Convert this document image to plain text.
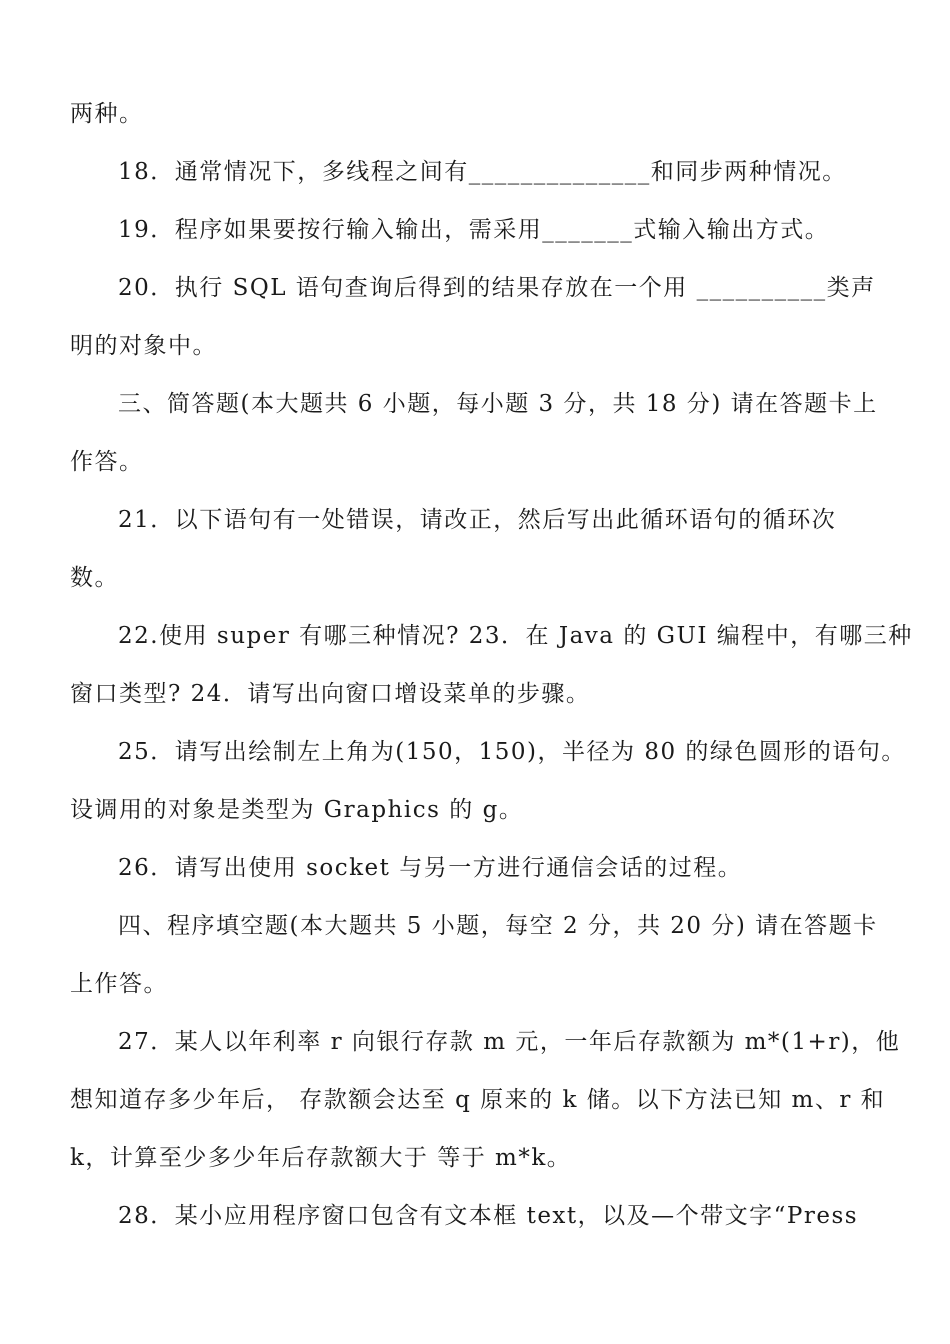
两种。
18．通常情况下，多线程之间有______________和同步两种情况。
19．程序如果要按行输入输出，需采用_______式输入输出方式。
20．执行 SQL 语句查询后得到的结果存放在一个用 __________类声
明的对象中。
三、简答题(本大题共 6 小题，每小题 3 分，共 18 分) 请在答题卡上
作答。
21．以下语句有一处错误，请改正，然后写出此循环语句的循环次
数。
22.使用 super 有哪三种情况? 23．在 Java 的 GUI 编程中，有哪三种
窗口类型? 24．请写出向窗口增设菜单的步骤。
25．请写出绘制左上角为(150，150)，半径为 80 的绿色圆形的语句。
设调用的对象是类型为 Graphics 的 g。
26．请写出使用 socket 与另一方进行通信会话的过程。
四、程序填空题(本大题共 5 小题，每空 2 分，共 20 分) 请在答题卡
上作答。
27．某人以年利率 r 向银行存款 m 元，一年后存款额为 m*(1+r)，他
想知道存多少年后， 存款额会达至 q 原来的 k 储。以下方法已知 m、r 和
k，计算至少多少年后存款额大于 等于 m*k。
28．某小应用程序窗口包含有文本框 text，以及—个带文字“Press
